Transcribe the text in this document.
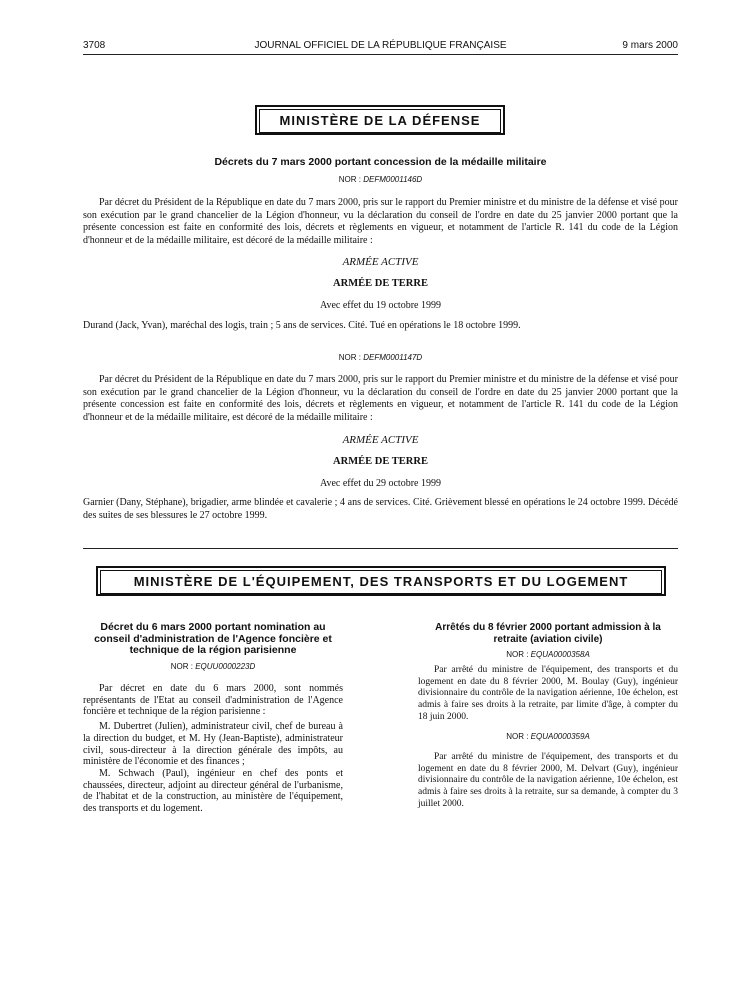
3708	JOURNAL OFFICIEL DE LA RÉPUBLIQUE FRANÇAISE	9 mars 2000
MINISTÈRE DE LA DÉFENSE
Décrets du 7 mars 2000 portant concession de la médaille militaire
NOR : DEFM0001146D
Par décret du Président de la République en date du 7 mars 2000, pris sur le rapport du Premier ministre et du ministre de la défense et visé pour son exécution par le grand chancelier de la Légion d'honneur, vu la déclaration du conseil de l'ordre en date du 25 janvier 2000 portant que la présente concession est faite en conformité des lois, décrets et règlements en vigueur, et notamment de l'article R. 141 du code de la Légion d'honneur et de la médaille militaire, est décoré de la médaille militaire :
ARMÉE ACTIVE
ARMÉE DE TERRE
Avec effet du 19 octobre 1999
Durand (Jack, Yvan), maréchal des logis, train ; 5 ans de services. Cité. Tué en opérations le 18 octobre 1999.
NOR : DEFM0001147D
Par décret du Président de la République en date du 7 mars 2000, pris sur le rapport du Premier ministre et du ministre de la défense et visé pour son exécution par le grand chancelier de la Légion d'honneur, vu la déclaration du conseil de l'ordre en date du 25 janvier 2000 portant que la présente concession est faite en conformité des lois, décrets et règlements en vigueur, et notamment de l'article R. 141 du code de la Légion d'honneur et de la médaille militaire, est décoré de la médaille militaire :
ARMÉE ACTIVE
ARMÉE DE TERRE
Avec effet du 29 octobre 1999
Garnier (Dany, Stéphane), brigadier, arme blindée et cavalerie ; 4 ans de services. Cité. Grièvement blessé en opérations le 24 octobre 1999. Décédé des suites de ses blessures le 27 octobre 1999.
MINISTÈRE DE L'ÉQUIPEMENT, DES TRANSPORTS ET DU LOGEMENT
Décret du 6 mars 2000 portant nomination au conseil d'administration de l'Agence foncière et technique de la région parisienne
NOR : EQUU0000223D
Par décret en date du 6 mars 2000, sont nommés représentants de l'Etat au conseil d'administration de l'Agence foncière et technique de la région parisienne :
M. Dubertret (Julien), administrateur civil, chef de bureau à la direction du budget, et M. Hy (Jean-Baptiste), administrateur civil, sous-directeur à la direction générale des impôts, au ministère de l'économie et des finances ;
M. Schwach (Paul), ingénieur en chef des ponts et chaussées, directeur, adjoint au directeur général de l'urbanisme, de l'habitat et de la construction, au ministère de l'équipement, des transports et du logement.
Arrêtés du 8 février 2000 portant admission à la retraite (aviation civile)
NOR : EQUA0000358A
Par arrêté du ministre de l'équipement, des transports et du logement en date du 8 février 2000, M. Boulay (Guy), ingénieur divisionnaire du contrôle de la navigation aérienne, 10e échelon, est admis à faire ses droits à la retraite, par limite d'âge, à compter du 18 juin 2000.
NOR : EQUA0000359A
Par arrêté du ministre de l'équipement, des transports et du logement en date du 8 février 2000, M. Delvart (Guy), ingénieur divisionnaire du contrôle de la navigation aérienne, 10e échelon, est admis à faire ses droits à la retraite, sur sa demande, à compter du 3 juillet 2000.
